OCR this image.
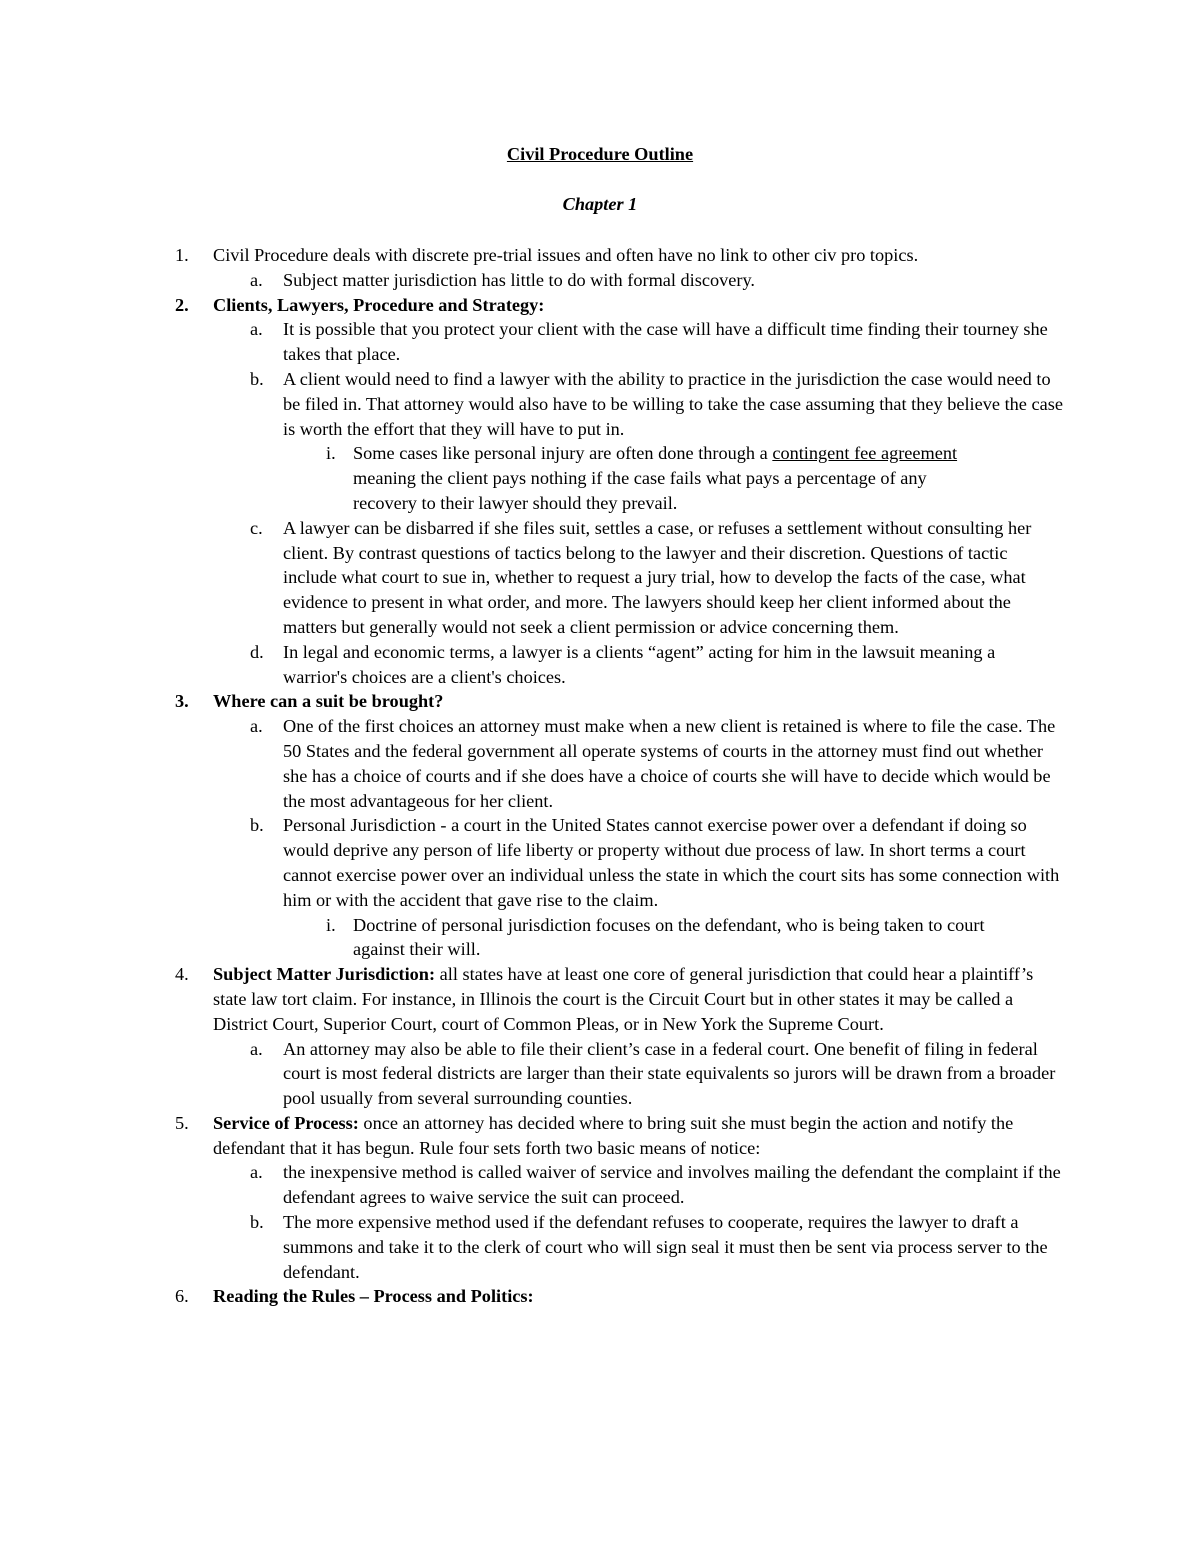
Civil Procedure Outline

Chapter 1

1. Civil Procedure deals with discrete pre-trial issues and often have no link to other civ pro topics.
a. Subject matter jurisdiction has little to do with formal discovery.
2. Clients, Lawyers, Procedure and Strategy:
a. It is possible that you protect your client with the case will have a difficult time finding their tourney she takes that place.
b. A client would need to find a lawyer with the ability to practice in the jurisdiction the case would need to be filed in. That attorney would also have to be willing to take the case assuming that they believe the case is worth the effort that they will have to put in.
i. Some cases like personal injury are often done through a contingent fee agreement meaning the client pays nothing if the case fails what pays a percentage of any recovery to their lawyer should they prevail.
c. A lawyer can be disbarred if she files suit, settles a case, or refuses a settlement without consulting her client. By contrast questions of tactics belong to the lawyer and their discretion. Questions of tactic include what court to sue in, whether to request a jury trial, how to develop the facts of the case, what evidence to present in what order, and more. The lawyers should keep her client informed about the matters but generally would not seek a client permission or advice concerning them.
d. In legal and economic terms, a lawyer is a clients “agent” acting for him in the lawsuit meaning a warrior's choices are a client's choices.
3. Where can a suit be brought?
a. One of the first choices an attorney must make when a new client is retained is where to file the case. The 50 States and the federal government all operate systems of courts in the attorney must find out whether she has a choice of courts and if she does have a choice of courts she will have to decide which would be the most advantageous for her client.
b. Personal Jurisdiction - a court in the United States cannot exercise power over a defendant if doing so would deprive any person of life liberty or property without due process of law. In short terms a court cannot exercise power over an individual unless the state in which the court sits has some connection with him or with the accident that gave rise to the claim.
i. Doctrine of personal jurisdiction focuses on the defendant, who is being taken to court against their will.
4. Subject Matter Jurisdiction: all states have at least one core of general jurisdiction that could hear a plaintiff’s state law tort claim. For instance, in Illinois the court is the Circuit Court but in other states it may be called a District Court, Superior Court, court of Common Pleas, or in New York the Supreme Court.
a. An attorney may also be able to file their client’s case in a federal court. One benefit of filing in federal court is most federal districts are larger than their state equivalents so jurors will be drawn from a broader pool usually from several surrounding counties.
5. Service of Process: once an attorney has decided where to bring suit she must begin the action and notify the defendant that it has begun. Rule four sets forth two basic means of notice:
a. the inexpensive method is called waiver of service and involves mailing the defendant the complaint if the defendant agrees to waive service the suit can proceed.
b. The more expensive method used if the defendant refuses to cooperate, requires the lawyer to draft a summons and take it to the clerk of court who will sign seal it must then be sent via process server to the defendant.
6. Reading the Rules – Process and Politics:
